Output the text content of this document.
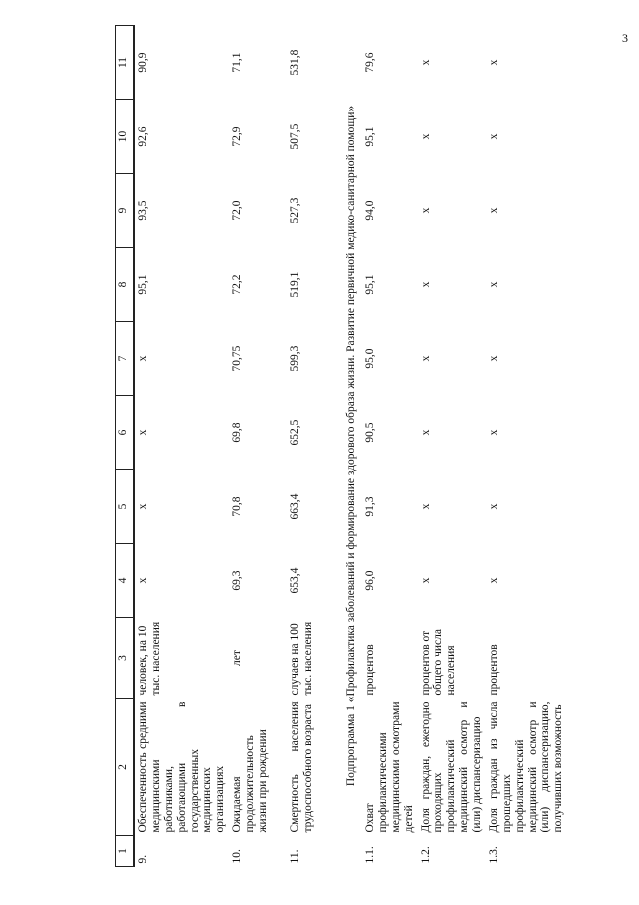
3
1	2	3	4	5	6	7	8	9	10	11
9.	Обеспеченность средними медицинскими работниками, работающими в государственных медицинских организациях	человек, на 10 тыс. населения	х	х	х	х	95,1	93,5	92,6	90,9
10.	Ожидаемая продолжительность жизни при рождении	лет	69,3	70,8	69,8	70,75	72,2	72,0	72,9	71,1
11.	Смертность населения трудоспособного возраста	случаев на 100 тыс. населения	653,4	663,4	652,5	599,3	519,1	527,3	507,5	531,8
Подпрограмма 1 «Профилактика заболеваний и формирование здорового образа жизни. Развитие первичной медико-санитарной помощи»										
1.1.	Охват профилактическими медицинскими осмотрами детей	процентов	96,0	91,3	90,5	95,0	95,1	94,0	95,1	79,6
1.2.	Доля граждан, ежегодно проходящих профилактический медицинский осмотр и (или) диспансеризацию	процентов от общего числа населения	х	х	х	х	х	х	х	х
1.3.	Доля граждан из числа прошедших профилактический медицинский осмотр и (или) диспансеризацию, получивших возможность	процентов	х	х	х	х	х	х	х	х
